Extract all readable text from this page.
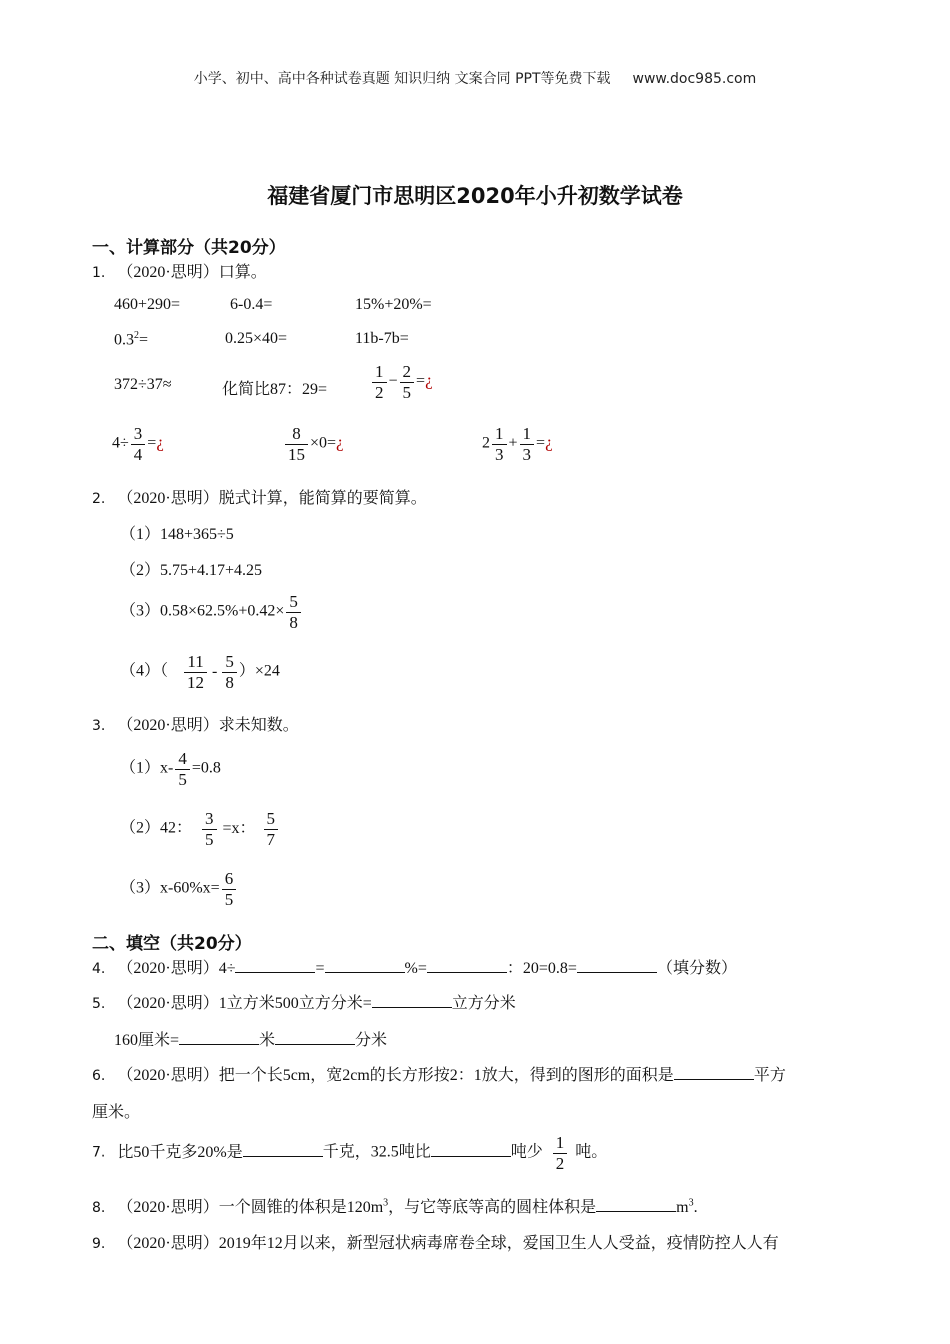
小学、初中、高中各种试卷真题 知识归纳 文案合同 PPT等免费下载 www.doc985.com
福建省厦门市思明区2020年小升初数学试卷
一、计算部分（共20分）
1. （2020·思明）口算。
460+290=	6-0.4=	15%+20%=
$0.3^2=$	0.25×40=	11b-7b=
372÷37≈	化简比87：29=	$\frac{1}{2} - \frac{2}{5}$ =¿
$4\div \frac{3}{4}$ =¿	$\frac{8}{15}$ ×0=¿	$2 \frac{1}{3} + \frac{1}{3}$ =¿
2. （2020·思明）脱式计算，能简算的要简算。
（1）148+365÷5
（2）5.75+4.17+4.25
$(3)0.58\times 62.5\%+0.42\times \frac{5}{8}$
$(4)( \frac{11}{12} - \frac{5}{8} )\times 24$
3. （2020·思明）求未知数。
$(1)x- \frac{4}{5} =0.8$
（2）42： $\frac{3}{5} =x$： $\frac{5}{7}$
$(3)x-60\%x= \frac{6}{5}$
二、填空（共20分）
4. （2020·思明）4÷	=	%=	：20=0.8=	（填分数）
5. （2020·思明）1立方米500立方分米=	立方分米
160厘米=	米	分米
6. （2020·思明）把一个长5cm，宽2cm的长方形按2：1放大，得到的图形的面积是	平方
厘米。
7. 比50千克多20%是	千克，32.5吨比	吨少 $\frac{1}{2}$ 吨。
8. （2020·思明）一个圆锥的体积是$120m^3$，与它等底等高的圆柱体积是	$m^3$.
9. （2020·思明）2019年12月以来，新型冠状病毒席卷全球，爱国卫生人人受益，疫情防控人人有
